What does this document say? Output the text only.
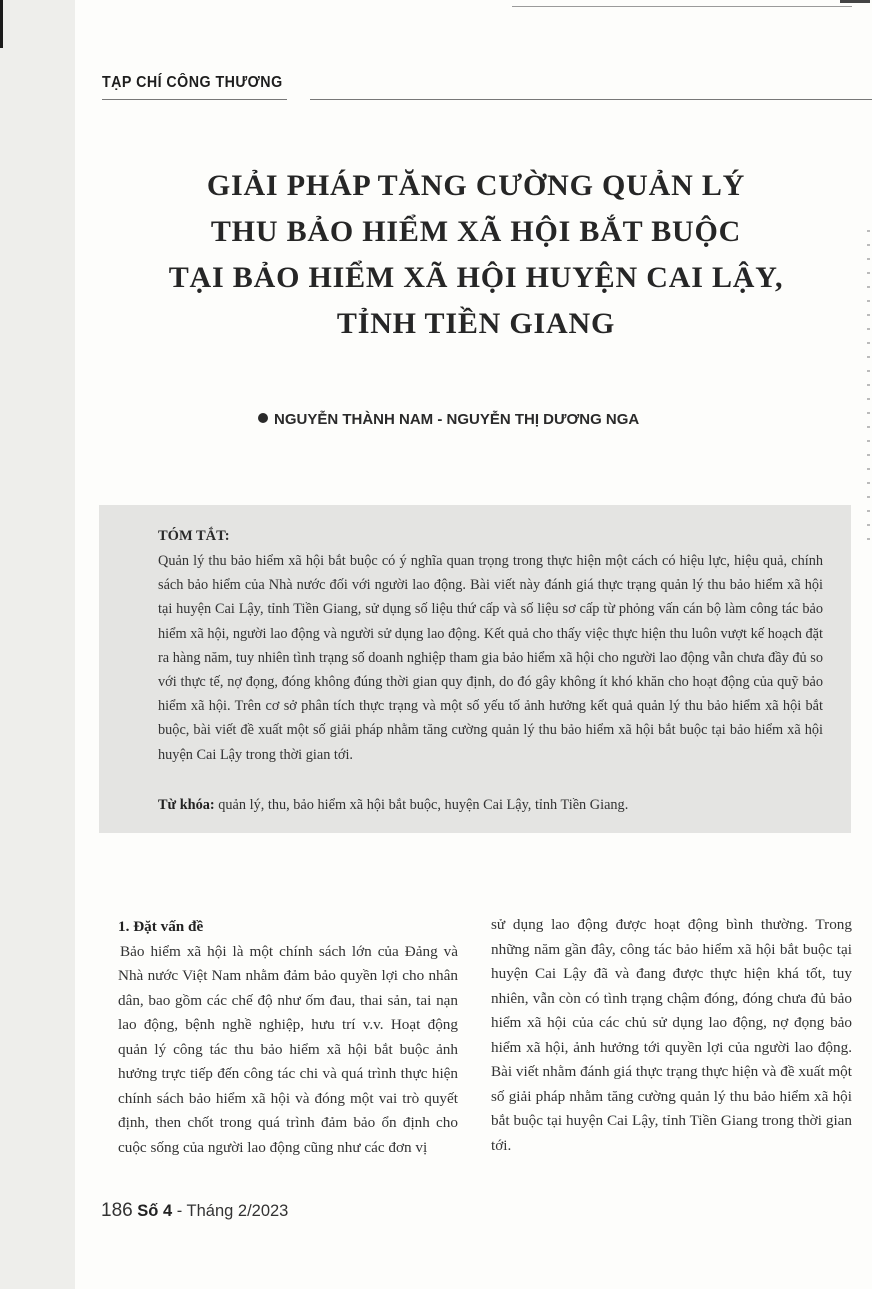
TẠP CHÍ CÔNG THƯƠNG
GIẢI PHÁP TĂNG CƯỜNG QUẢN LÝ
THU BẢO HIỂM XÃ HỘI BẮT BUỘC
TẠI BẢO HIỂM XÃ HỘI HUYỆN CAI LẬY,
TỈNH TIỀN GIANG
NGUYỄN THÀNH NAM - NGUYỄN THỊ DƯƠNG NGA
TÓM TẮT:
Quản lý thu bảo hiểm xã hội bắt buộc có ý nghĩa quan trọng trong thực hiện một cách có hiệu lực, hiệu quả, chính sách bảo hiểm của Nhà nước đối với người lao động. Bài viết này đánh giá thực trạng quản lý thu bảo hiểm xã hội tại huyện Cai Lậy, tỉnh Tiền Giang, sử dụng số liệu thứ cấp và số liệu sơ cấp từ phỏng vấn cán bộ làm công tác bảo hiểm xã hội, người lao động và người sử dụng lao động. Kết quả cho thấy việc thực hiện thu luôn vượt kế hoạch đặt ra hàng năm, tuy nhiên tình trạng số doanh nghiệp tham gia bảo hiểm xã hội cho người lao động vẫn chưa đầy đủ so với thực tế, nợ đọng, đóng không đúng thời gian quy định, do đó gây không ít khó khăn cho hoạt động của quỹ bảo hiểm xã hội. Trên cơ sở phân tích thực trạng và một số yếu tố ảnh hưởng kết quả quản lý thu bảo hiểm xã hội bắt buộc, bài viết đề xuất một số giải pháp nhằm tăng cường quản lý thu bảo hiểm xã hội bắt buộc tại bảo hiểm xã hội huyện Cai Lậy trong thời gian tới.
Từ khóa: quản lý, thu, bảo hiểm xã hội bắt buộc, huyện Cai Lậy, tỉnh Tiền Giang.
1. Đặt vấn đề
Bảo hiểm xã hội là một chính sách lớn của Đảng và Nhà nước Việt Nam nhằm đảm bảo quyền lợi cho nhân dân, bao gồm các chế độ như ốm đau, thai sản, tai nạn lao động, bệnh nghề nghiệp, hưu trí v.v. Hoạt động quản lý công tác thu bảo hiểm xã hội bắt buộc ảnh hưởng trực tiếp đến công tác chi và quá trình thực hiện chính sách bảo hiểm xã hội và đóng một vai trò quyết định, then chốt trong quá trình đảm bảo ổn định cho cuộc sống của người lao động cũng như các đơn vị
sử dụng lao động được hoạt động bình thường. Trong những năm gần đây, công tác bảo hiểm xã hội bắt buộc tại huyện Cai Lậy đã và đang được thực hiện khá tốt, tuy nhiên, vẫn còn có tình trạng chậm đóng, đóng chưa đủ bảo hiểm xã hội của các chủ sử dụng lao động, nợ đọng bảo hiểm xã hội, ảnh hưởng tới quyền lợi của người lao động. Bài viết nhằm đánh giá thực trạng thực hiện và đề xuất một số giải pháp nhằm tăng cường quản lý thu bảo hiểm xã hội bắt buộc tại huyện Cai Lậy, tỉnh Tiền Giang trong thời gian tới.
186 Số 4 - Tháng 2/2023
